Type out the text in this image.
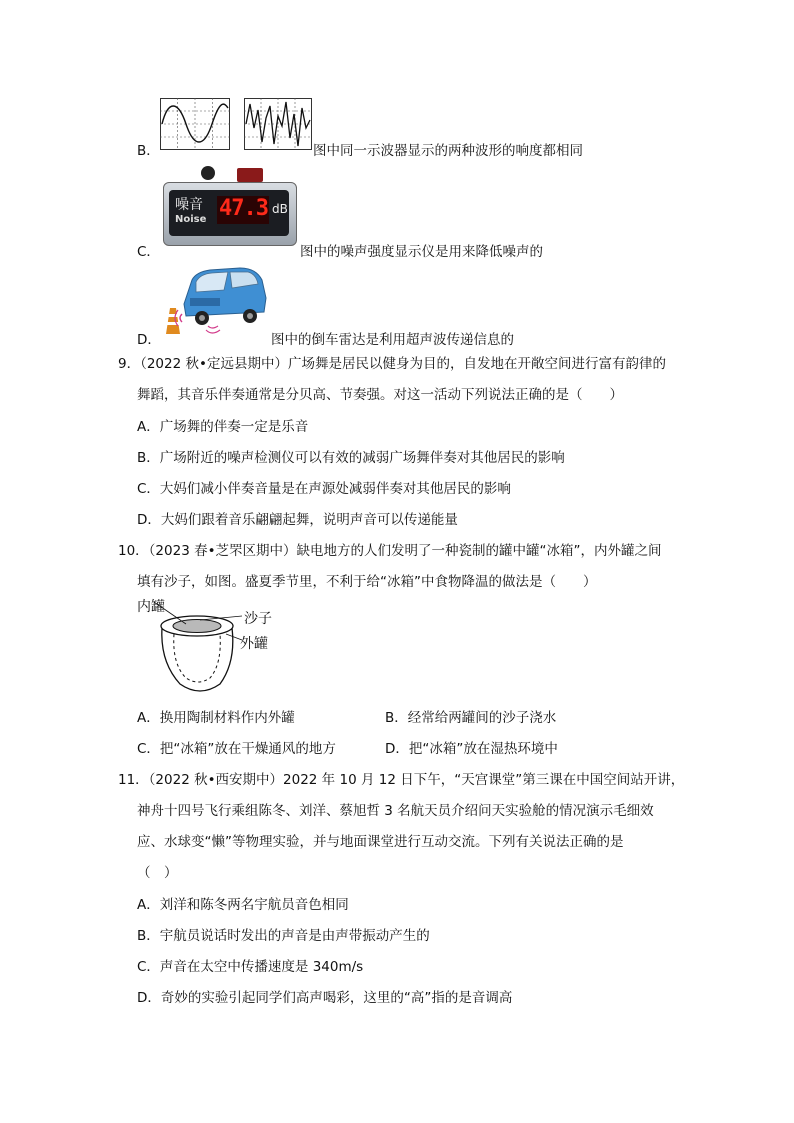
B．	图中同一示波器显示的两种波形的响度都相同
C．
噪音
Noise 47.3 dB
图中的噪声强度显示仪是用来降低噪声的
D．	图中的倒车雷达是利用超声波传递信息的
9．（2022 秋•定远县期中）广场舞是居民以健身为目的，自发地在开敞空间进行富有韵律的
舞蹈，其音乐伴奏通常是分贝高、节奏强。对这一活动下列说法正确的是（　　）
A．广场舞的伴奏一定是乐音
B．广场附近的噪声检测仪可以有效的减弱广场舞伴奏对其他居民的影响
C．大妈们减小伴奏音量是在声源处减弱伴奏对其他居民的影响
D．大妈们跟着音乐翩翩起舞，说明声音可以传递能量
10．（2023 春•芝罘区期中）缺电地方的人们发明了一种瓷制的罐中罐“冰箱”，内外罐之间
填有沙子，如图。盛夏季节里，不利于给“冰箱”中食物降温的做法是（　　）
内罐
沙子
外罐
A．换用陶制材料作内外罐	B．经常给两罐间的沙子浇水
C．把“冰箱”放在干燥通风的地方	D．把“冰箱”放在湿热环境中
11．（2022 秋•西安期中）2022 年 10 月 12 日下午，“天宫课堂”第三课在中国空间站开讲，
神舟十四号飞行乘组陈冬、刘洋、蔡旭哲 3 名航天员介绍问天实验舱的情况演示毛细效
应、水球变“懒”等物理实验，并与地面课堂进行互动交流。下列有关说法正确的是
（　）
A．刘洋和陈冬两名宇航员音色相同
B．宇航员说话时发出的声音是由声带振动产生的
C．声音在太空中传播速度是 340m/s
D．奇妙的实验引起同学们高声喝彩，这里的“高”指的是音调高
